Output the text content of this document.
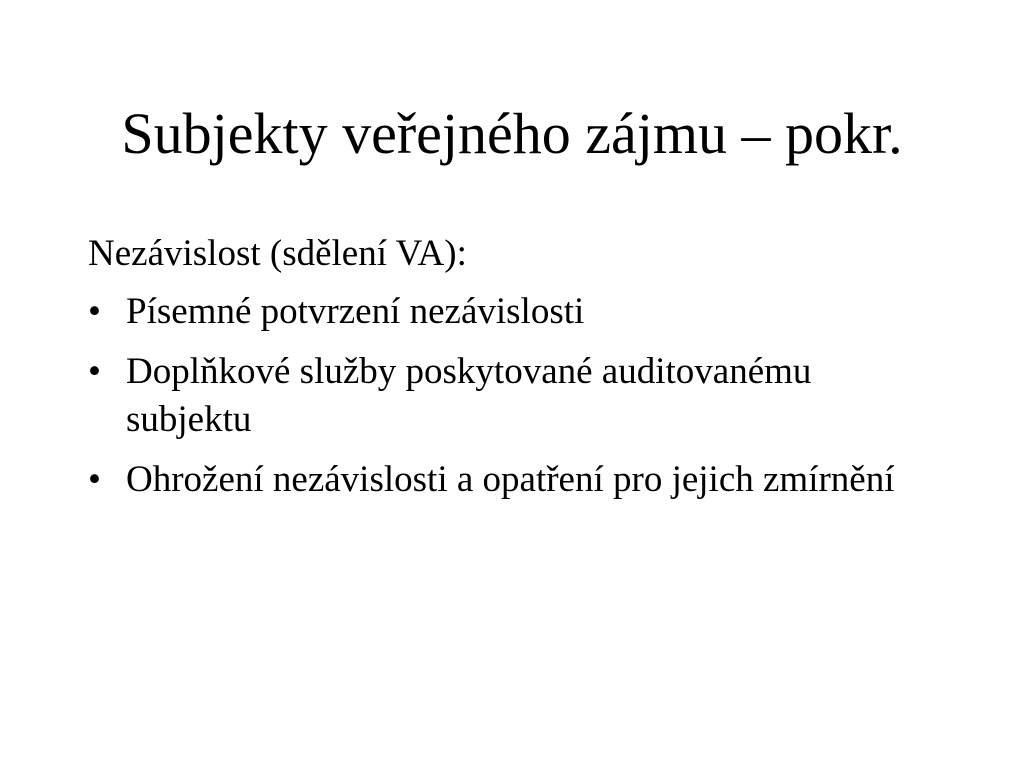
Subjekty veřejného zájmu – pokr.
Nezávislost (sdělení VA):
• Písemné potvrzení nezávislosti
• Doplňkové služby poskytované auditovanému subjektu
• Ohrožení nezávislosti a opatření pro jejich zmírnění
